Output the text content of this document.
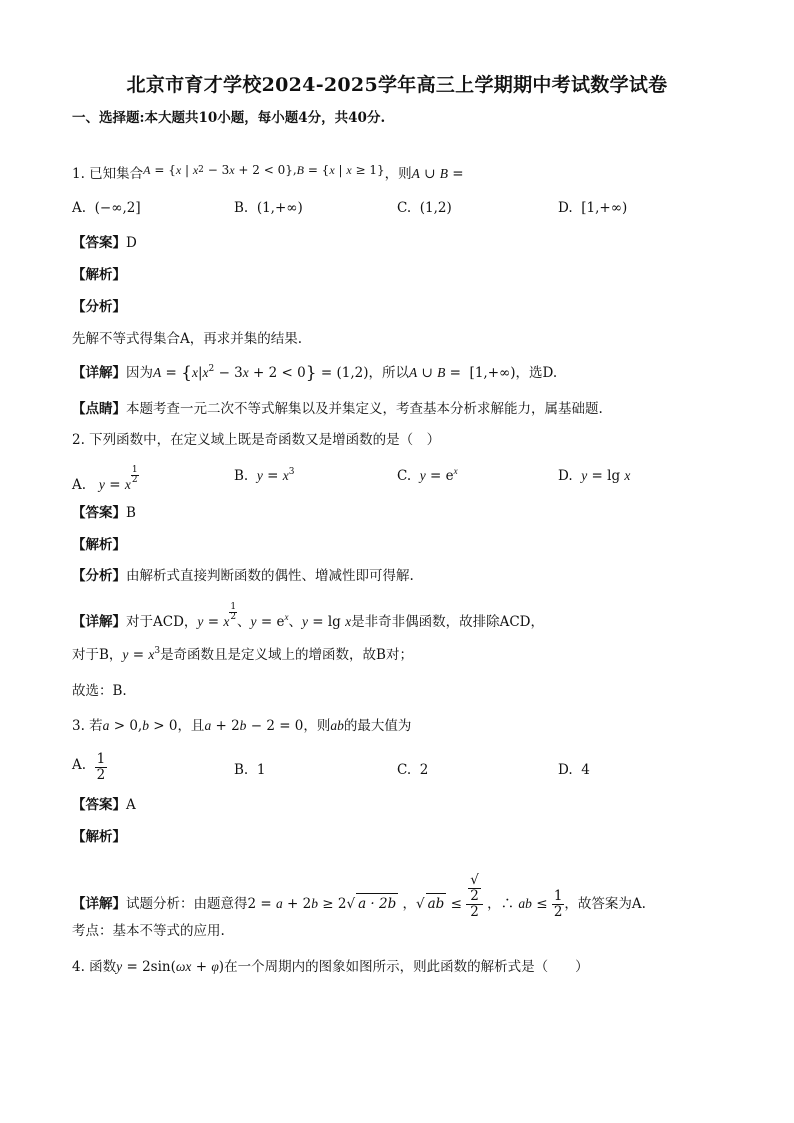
北京市育才学校2024-2025学年高三上学期期中考试数学试卷
一、选择题:本大题共10小题，每小题4分，共40分.
1. 已知集合A = {x | $x^2 - 3x + 2 < 0\},B = \{x$ | x ≥ 1}，则A ∪ B =
A. (−∞,2]	B. (1,+∞)	C. (1,2)	D. [1,+∞)
【答案】D
【解析】
【分析】
先解不等式得集合A，再求并集的结果.
【详解】因为$A = \{x|x^2 - 3x + 2 < 0\} = (1,2)$，所以A ∪ B =  [1,+∞)，选D.
【点睛】本题考查一元二次不等式解集以及并集定义，考查基本分析求解能力，属基础题.
2. 下列函数中，在定义域上既是奇函数又是增函数的是（　）
A. y = x $\frac{1}{2}$	B. $y = x^3$	C. $y = e^x$	D. y = lg x
【答案】B
【解析】
【分析】由解析式直接判断函数的偶性、增减性即可得解.
【详解】对于ACD，y = x $\frac{1}{2}$ 、$y = e^x$、y = lg x是非奇非偶函数，故排除ACD，
对于B，$y = x^3$是奇函数且是定义域上的增函数，故B对；
故选：B.
3. 若a > 0,b > 0，且a + 2b − 2 = 0，则ab的最大值为
A. $\frac{1}{2}$	B. 1	C. 2	D. 4
【答案】A
【解析】
【详解】试题分析：由题意得2 = a + 2b ≥ 2√ a · 2b ，√ ab ≤ √
2
2 ，∴ ab ≤ $\frac{1}{2}$ ，故答案为A.
考点：基本不等式的应用.
4. 函数y = 2sin(ωx + φ)在一个周期内的图象如图所示，则此函数的解析式是（　　）
